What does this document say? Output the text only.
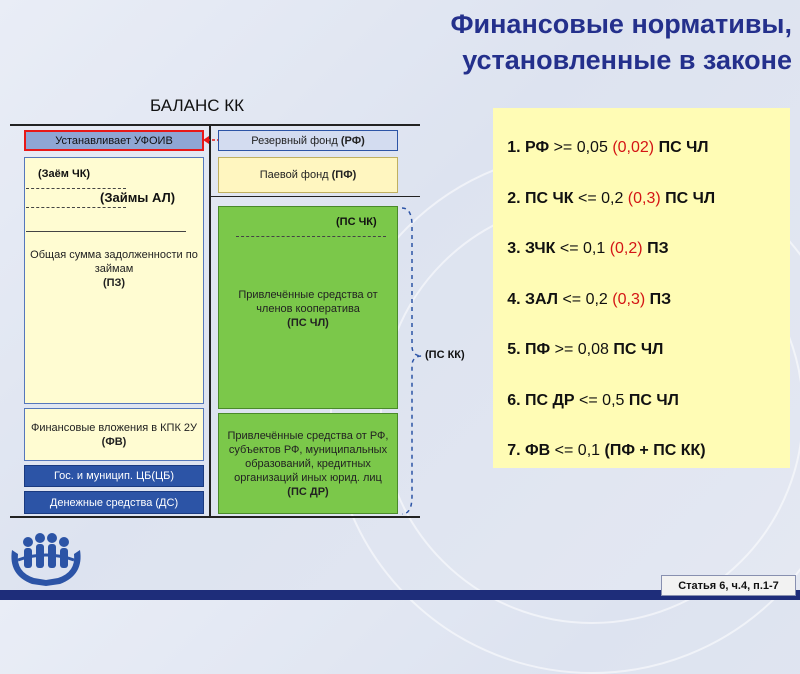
Финансовые нормативы,
установленные в законе
БАЛАНС КК
Устанавливает УФОИВ
(Заём ЧК)
(Займы АЛ)
Общая сумма задолженности по займам
(ПЗ)
Финансовые вложения в КПК 2У
(ФВ)
Гос. и муницип. ЦБ(ЦБ)
Денежные средства (ДС)
Резервный фонд (РФ)
Паевой фонд (ПФ)
(ПС ЧК)
Привлечённые средства от членов кооператива
(ПС ЧЛ)
Привлечённые средства от РФ, субъектов РФ, муниципальных образований, кредитных организаций иных юрид. лиц
(ПС ДР)
(ПС КК)
1. РФ >= 0,05 (0,02) ПС ЧЛ
2. ПС ЧК <= 0,2 (0,3) ПС ЧЛ
3. ЗЧК <= 0,1 (0,2) ПЗ
4. ЗАЛ <= 0,2 (0,3) ПЗ
5. ПФ >= 0,08 ПС ЧЛ
6. ПС ДР <= 0,5 ПС ЧЛ
7. ФВ <= 0,1 (ПФ + ПС КК)
Статья 6, ч.4, п.1-7
